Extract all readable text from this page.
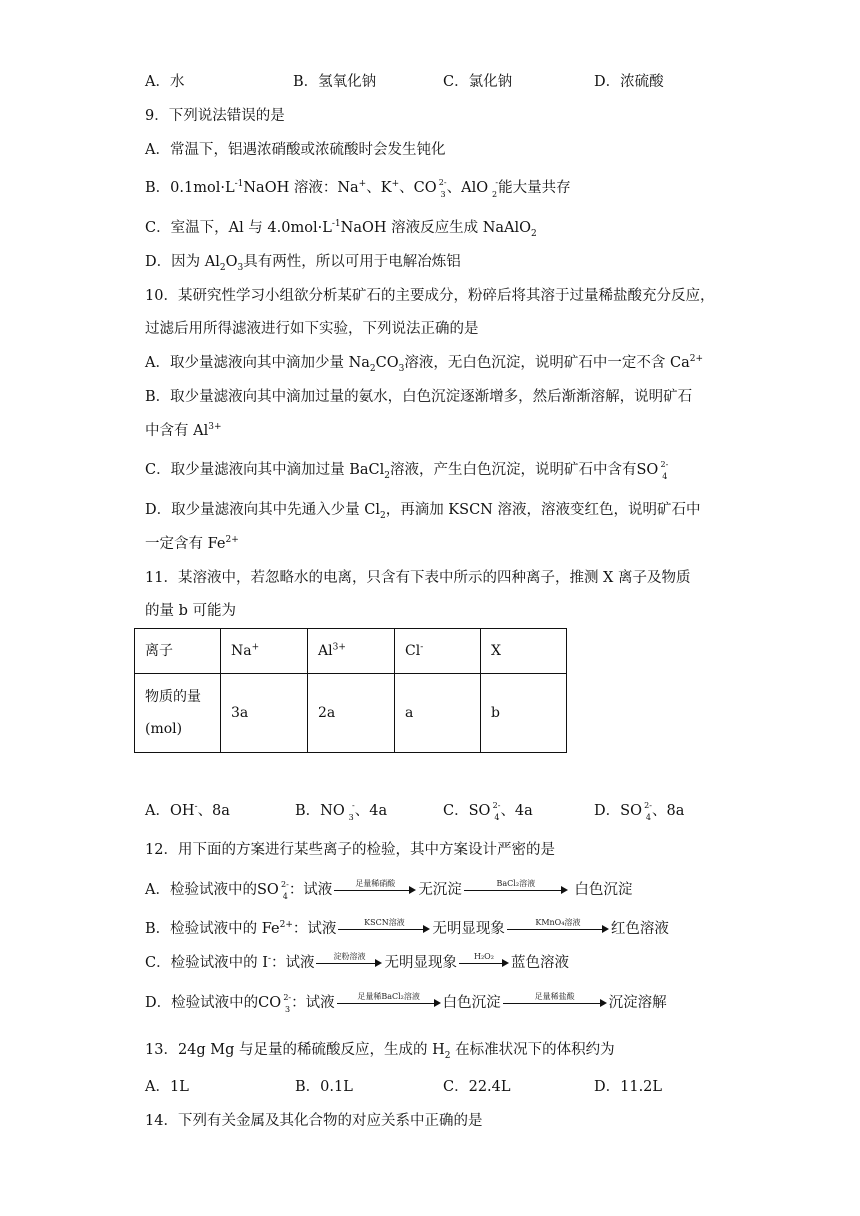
A．水	B．氢氧化钠	C．氯化钠	D．浓硫酸
9．下列说法错误的是
A．常温下，铝遇浓硝酸或浓硫酸时会发生钝化
B．$0.1mol\cdot L^{-1}NaOH$ 溶液：Na+、K+、CO 2-
3 、AlO -
2 能大量共存
C．室温下，Al 与 $4.0mol\cdot L^{-1}NaOH$ 溶液反应生成 NaAlO$_2$
D．因为 $Al_2O_3$具有两性，所以可用于电解冶炼铝
10．某研究性学习小组欲分析某矿石的主要成分，粉碎后将其溶于过量稀盐酸充分反应，
过滤后用所得滤液进行如下实验，下列说法正确的是
A．取少量滤液向其中滴加少量 $Na_2CO_3$溶液，无白色沉淀，说明矿石中一定不含 $Ca^{2+}$
B．取少量滤液向其中滴加过量的氨水，白色沉淀逐渐增多，然后渐渐溶解，说明矿石
中含有 $Al^{3+}$
C．取少量滤液向其中滴加过量 BaCl$_2$溶液，产生白色沉淀，说明矿石中含有SO 2-
4
D．取少量滤液向其中先通入少量 $Cl_2$，再滴加 KSCN 溶液，溶液变红色，说明矿石中
一定含有 $Fe^{2+}$
11．某溶液中，若忽略水的电离，只含有下表中所示的四种离子，推测 X 离子及物质
的量 b 可能为
离子	Na+	$Al^{3+}$	Cl-	X

物质的量
(mol)	3a	2a	a	b
A．OH-、8a	B．NO -
3 、4a	C．SO 2-
4 、4a	D．SO 2-
4 、8a
12．用下面的方案进行某些离子的检验，其中方案设计严密的是
A．检验试液中的SO 2-
4 ：试液	足量稀硝酸	无沉淀	BaCl₂溶液	白色沉淀
B．检验试液中的 $Fe^{2+}$：试液	KSCN溶液	无明显现象	KMnO₄溶液	红色溶液
C．检验试液中的 I-：试液	淀粉溶液	无明显现象	H₂O₂	蓝色溶液
D．检验试液中的CO 2-
3 ：试液	足量稀BaCl₂溶液	白色沉淀	足量稀盐酸	沉淀溶解
13．24g Mg 与足量的稀硫酸反应，生成的 $H_2$ 在标准状况下的体积约为
A．1L	B．0.1L	C．22.4L	D．11.2L
14．下列有关金属及其化合物的对应关系中正确的是
